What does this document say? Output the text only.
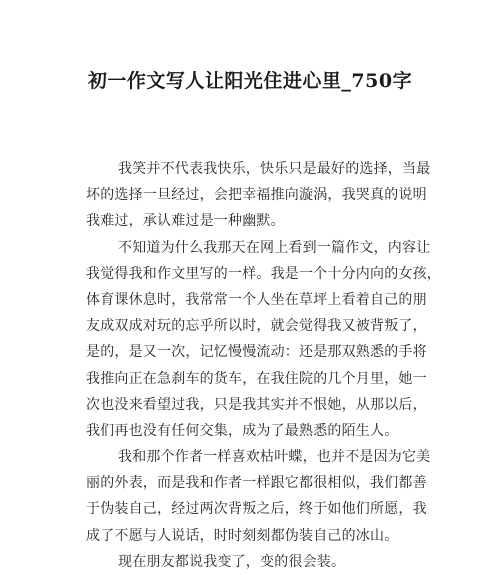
初一作文写人让阳光住进心里_750字
我笑并不代表我快乐，快乐只是最好的选择，当最
坏的选择一旦经过，会把幸福推向漩涡，我哭真的说明
我难过，承认难过是一种幽默。
不知道为什么我那天在网上看到一篇作文，内容让
我觉得我和作文里写的一样。我是一个十分内向的女孩，
体育课休息时，我常常一个人坐在草坪上看着自己的朋
友成双成对玩的忘乎所以时，就会觉得我又被背叛了，
是的，是又一次，记忆慢慢流动：还是那双熟悉的手将
我推向正在急刹车的货车，在我住院的几个月里，她一
次也没来看望过我，只是我其实并不恨她，从那以后，
我们再也没有任何交集，成为了最熟悉的陌生人。
我和那个作者一样喜欢枯叶蝶，也并不是因为它美
丽的外表，而是我和作者一样跟它都很相似，我们都善
于伪装自己，经过两次背叛之后，终于如他们所愿，我
成了不愿与人说话，时时刻刻都伪装自己的冰山。
现在朋友都说我变了，变的很会装。
